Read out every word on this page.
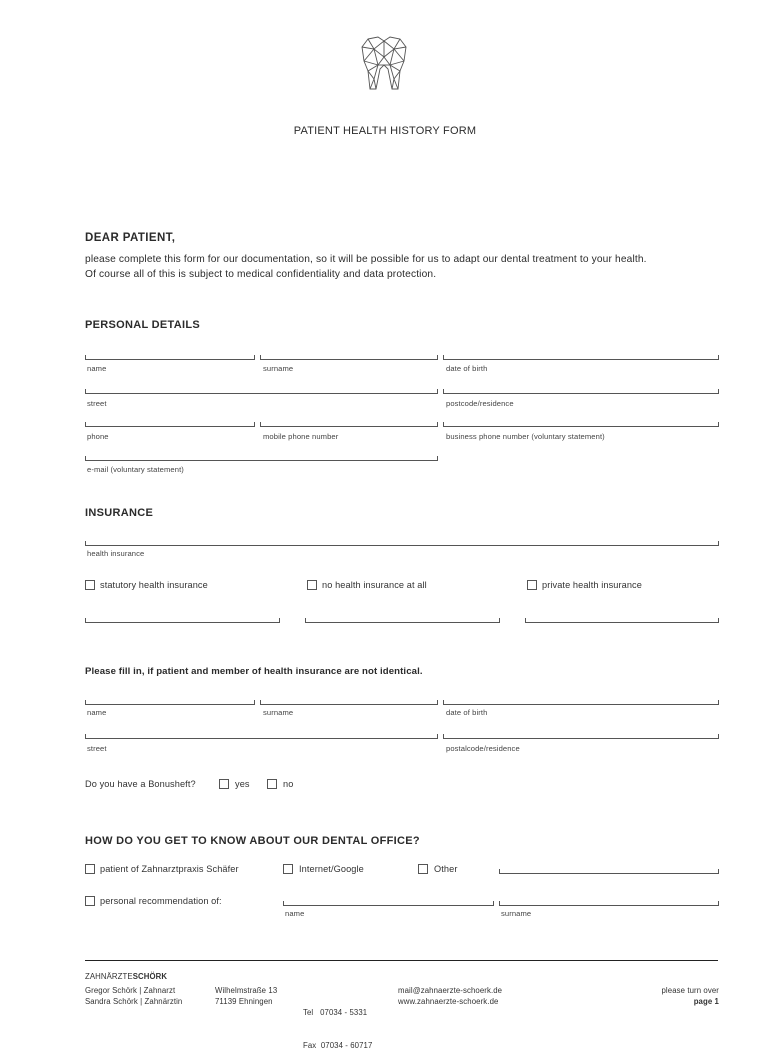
PATIENT HEALTH HISTORY FORM
DEAR PATIENT,
please complete this form for our documentation, so it will be possible for us to adapt our dental treatment to your health.
Of course all of this is subject to medical confidentiality and data protection.
PERSONAL DETAILS
name	surname	date of birth
street	postcode/residence
phone	mobile phone number	business phone number (voluntary statement)
e-mail (voluntary statement)
INSURANCE
health insurance
statutory health insurance	no health insurance at all	private health insurance
Please fill in, if patient and member of health insurance are not identical.
name	surname	date of birth
street	postalcode/residence
Do you have a Bonusheft?	yes	no
HOW DO YOU GET TO KNOW ABOUT OUR DENTAL OFFICE?
patient of Zahnarztpraxis Schäfer	Internet/Google	Other
personal recommendation of:
name	surname
ZAHNÄRZTESCHÖRK
Gregor Schörk | Zahnarzt
Sandra Schörk | Zahnärztin
Wilhelmstraße 13
71139 Ehningen

Tel   07034 - 5331

Fax  07034 - 60717

mail@zahnaerzte-schoerk.de
www.zahnaerzte-schoerk.de
please turn over
page 1
